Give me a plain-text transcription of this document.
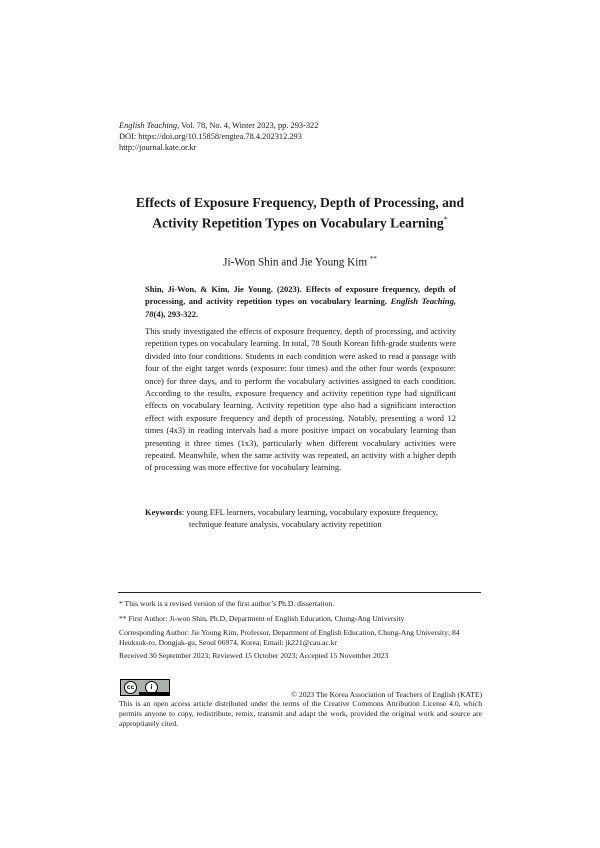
English Teaching, Vol. 78, No. 4, Winter 2023, pp. 293-322
DOI: https://doi.org/10.15858/engtea.78.4.202312.293
http://journal.kate.or.kr
Effects of Exposure Frequency, Depth of Processing, and
Activity Repetition Types on Vocabulary Learning*
Ji-Won Shin and Jie Young Kim **
Shin, Ji-Won, & Kim, Jie Young. (2023). Effects of exposure frequency, depth of processing, and activity repetition types on vocabulary learning. English Teaching, 78(4), 293-322.
This study investigated the effects of exposure frequency, depth of processing, and activity repetition types on vocabulary learning. In total, 78 South Korean fifth-grade students were divided into four conditions. Students in each condition were asked to read a passage with four of the eight target words (exposure: four times) and the other four words (exposure: once) for three days, and to perform the vocabulary activities assigned to each condition. According to the results, exposure frequency and activity repetition type had significant effects on vocabulary learning. Activity repetition type also had a significant interaction effect with exposure frequency and depth of processing. Notably, presenting a word 12 times (4x3) in reading intervals had a more positive impact on vocabulary learning than presenting it three times (1x3), particularly when different vocabulary activities were repeated. Meanwhile, when the same activity was repeated, an activity with a higher depth of processing was more effective for vocabulary learning.
Keywords: young EFL learners, vocabulary learning, vocabulary exposure frequency,
technique feature analysis, vocabulary activity repetition
* This work is a revised version of the first author’s Ph.D. dissertation.
** First Author: Ji-won Shin, Ph.D, Department of English Education, Chung-Ang University
Corresponding Author: Jie Young Kim, Professor, Department of English Education, Chung-Ang University; 84 Heuksuk-ro, Dongjak-gu, Seoul 06974, Korea; Email: jk221@cau.ac.kr
Received 30 September 2023; Reviewed 15 October 2023; Accepted 15 November 2023
cc	i
© 2023 The Korea Association of Teachers of English (KATE)
This is an open access article distributed under the terms of the Creative Commons Attribution License 4.0, which permits anyone to copy, redistribute, remix, transmit and adapt the work, provided the original work and source are appropriately cited.
